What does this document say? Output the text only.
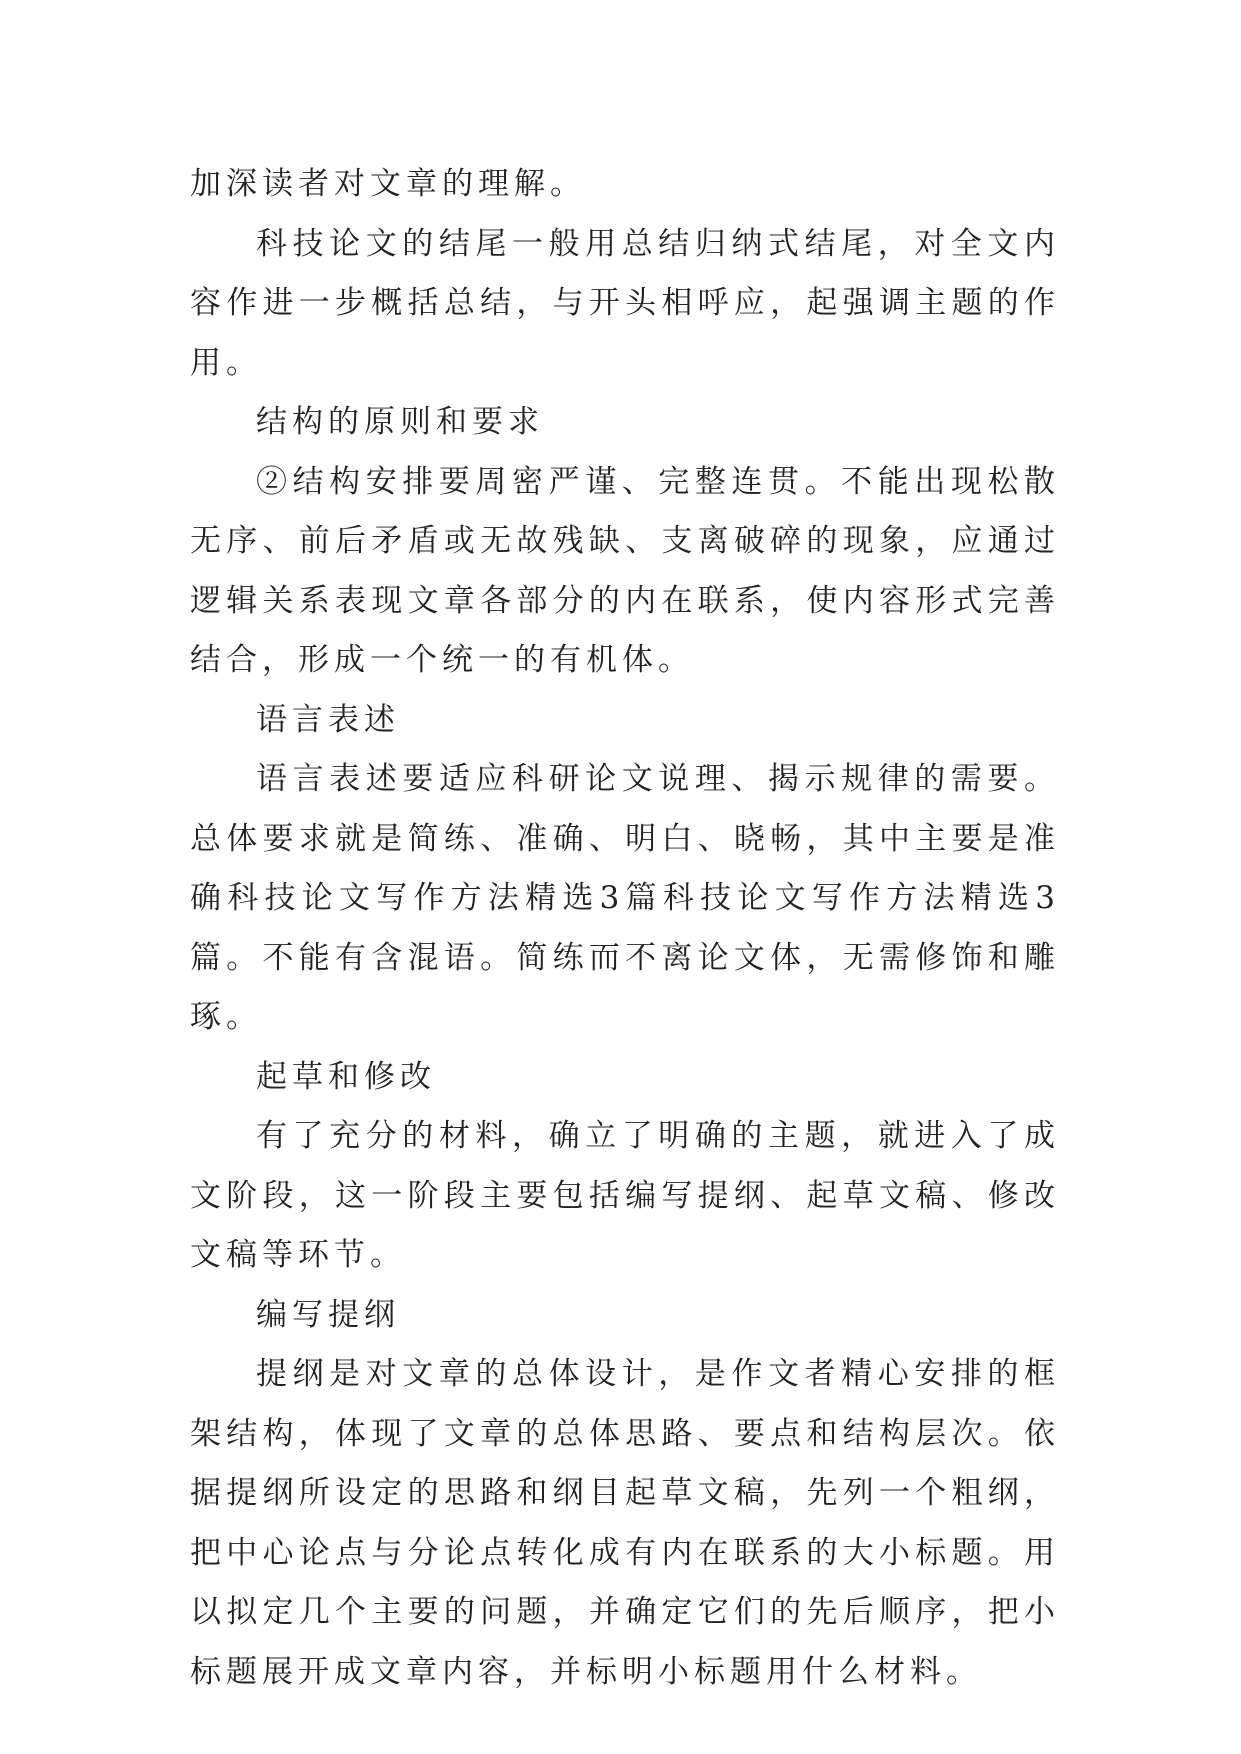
加深读者对文章的理解。

科技论文的结尾一般用总结归纳式结尾，对全文内容作进一步概括总结，与开头相呼应，起强调主题的作用。

结构的原则和要求

②结构安排要周密严谨、完整连贯。不能出现松散无序、前后矛盾或无故残缺、支离破碎的现象，应通过逻辑关系表现文章各部分的内在联系，使内容形式完善结合，形成一个统一的有机体。

语言表述

语言表述要适应科研论文说理、揭示规律的需要。总体要求就是简练、准确、明白、晓畅，其中主要是准确科技论文写作方法精选3篇科技论文写作方法精选3篇。不能有含混语。简练而不离论文体，无需修饰和雕琢。

起草和修改

有了充分的材料，确立了明确的主题，就进入了成文阶段，这一阶段主要包括编写提纲、起草文稿、修改文稿等环节。

编写提纲

提纲是对文章的总体设计，是作文者精心安排的框架结构，体现了文章的总体思路、要点和结构层次。依据提纲所设定的思路和纲目起草文稿，先列一个粗纲，把中心论点与分论点转化成有内在联系的大小标题。用以拟定几个主要的问题，并确定它们的先后顺序，把小标题展开成文章内容，并标明小标题用什么材料。
